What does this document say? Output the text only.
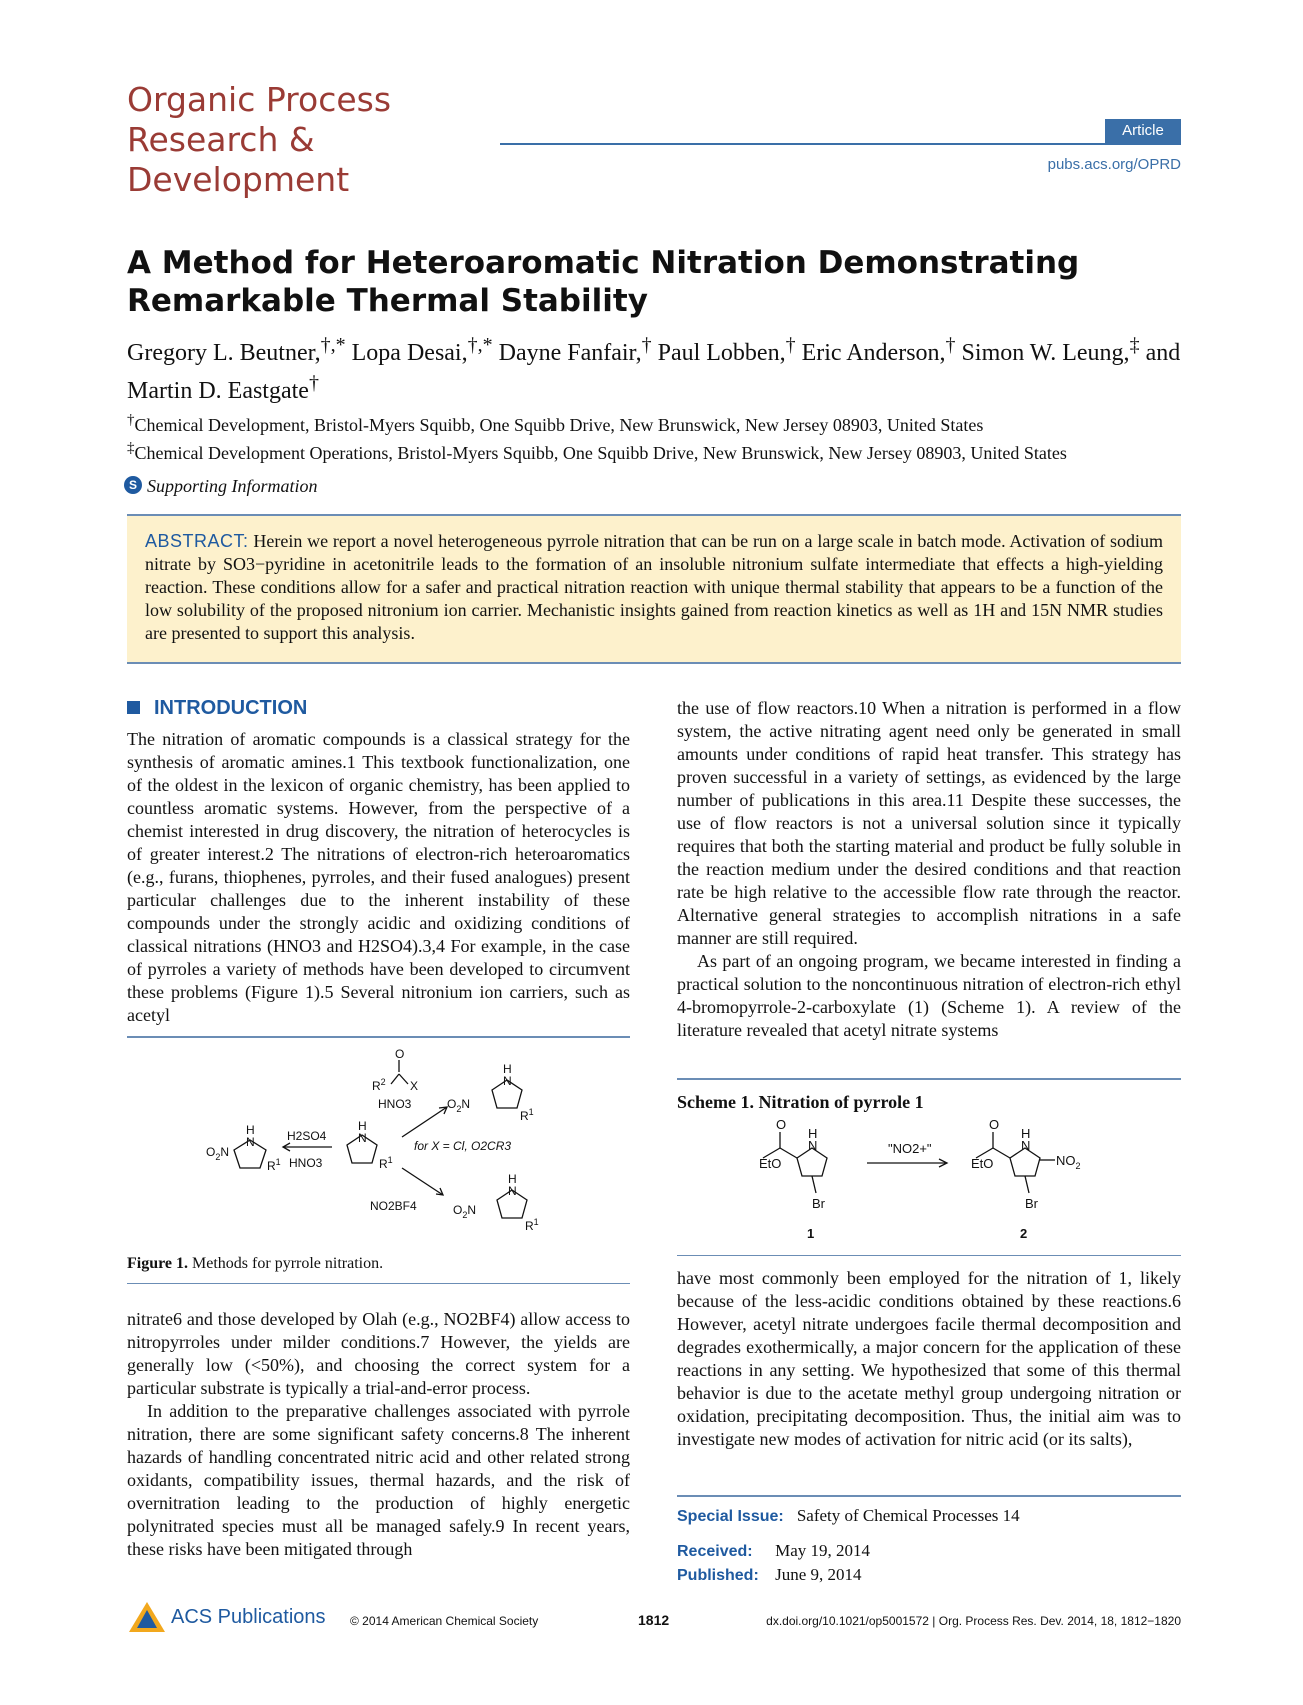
Organic Process
Research &
Development
Article
pubs.acs.org/OPRD
A Method for Heteroaromatic Nitration Demonstrating Remarkable Thermal Stability
Gregory L. Beutner,†,* Lopa Desai,†,* Dayne Fanfair,† Paul Lobben,† Eric Anderson,† Simon W. Leung,‡ and Martin D. Eastgate†
†Chemical Development, Bristol-Myers Squibb, One Squibb Drive, New Brunswick, New Jersey 08903, United States
‡Chemical Development Operations, Bristol-Myers Squibb, One Squibb Drive, New Brunswick, New Jersey 08903, United States
S Supporting Information
ABSTRACT: Herein we report a novel heterogeneous pyrrole nitration that can be run on a large scale in batch mode. Activation of sodium nitrate by SO3−pyridine in acetonitrile leads to the formation of an insoluble nitronium sulfate intermediate that effects a high-yielding reaction. These conditions allow for a safer and practical nitration reaction with unique thermal stability that appears to be a function of the low solubility of the proposed nitronium ion carrier. Mechanistic insights gained from reaction kinetics as well as 1H and 15N NMR studies are presented to support this analysis.
INTRODUCTION

The nitration of aromatic compounds is a classical strategy for the synthesis of aromatic amines.1 This textbook functionalization, one of the oldest in the lexicon of organic chemistry, has been applied to countless aromatic systems. However, from the perspective of a chemist interested in drug discovery, the nitration of heterocycles is of greater interest.2 The nitrations of electron-rich heteroaromatics (e.g., furans, thiophenes, pyrroles, and their fused analogues) present particular challenges due to the inherent instability of these compounds under the strongly acidic and oxidizing conditions of classical nitrations (HNO3 and H2SO4).3,4 For example, in the case of pyrroles a variety of methods have been developed to circumvent these problems (Figure 1).5 Several nitronium ion carriers, such as acetyl

O
$R^2$ X
HNO3
H
N
$R^1$
H2SO4
HNO3
H
N
$O_2N$
$R^1$
for X = Cl, O2CR3
H
N
$O_2N$
$R^1$
NO2BF4
H
N
$O_2N$
$R^1$
Figure 1. Methods for pyrrole nitration.

nitrate6 and those developed by Olah (e.g., NO2BF4) allow access to nitropyrroles under milder conditions.7 However, the yields are generally low (<50%), and choosing the correct system for a particular substrate is typically a trial-and-error process.

In addition to the preparative challenges associated with pyrrole nitration, there are some significant safety concerns.8 The inherent hazards of handling concentrated nitric acid and other related strong oxidants, compatibility issues, thermal hazards, and the risk of overnitration leading to the production of highly energetic polynitrated species must all be managed safely.9 In recent years, these risks have been mitigated through

the use of flow reactors.10 When a nitration is performed in a flow system, the active nitrating agent need only be generated in small amounts under conditions of rapid heat transfer. This strategy has proven successful in a variety of settings, as evidenced by the large number of publications in this area.11 Despite these successes, the use of flow reactors is not a universal solution since it typically requires that both the starting material and product be fully soluble in the reaction medium under the desired conditions and that reaction rate be high relative to the accessible flow rate through the reactor. Alternative general strategies to accomplish nitrations in a safe manner are still required.

As part of an ongoing program, we became interested in finding a practical solution to the noncontinuous nitration of electron-rich ethyl 4-bromopyrrole-2-carboxylate (1) (Scheme 1). A review of the literature revealed that acetyl nitrate systems

Scheme 1. Nitration of pyrrole 1
O
EtO
H
N
Br
1
"NO2+"
O
EtO
H
N
$NO_2$
Br
2

have most commonly been employed for the nitration of 1, likely because of the less-acidic conditions obtained by these reactions.6 However, acetyl nitrate undergoes facile thermal decomposition and degrades exothermically, a major concern for the application of these reactions in any setting. We hypothesized that some of this thermal behavior is due to the acetate methyl group undergoing nitration or oxidation, precipitating decomposition. Thus, the initial aim was to investigate new modes of activation for nitric acid (or its salts),

Special Issue: Safety of Chemical Processes 14
Received: May 19, 2014
Published: June 9, 2014
ACS Publications © 2014 American Chemical Society	1812	dx.doi.org/10.1021/op5001572 | Org. Process Res. Dev. 2014, 18, 1812−1820
